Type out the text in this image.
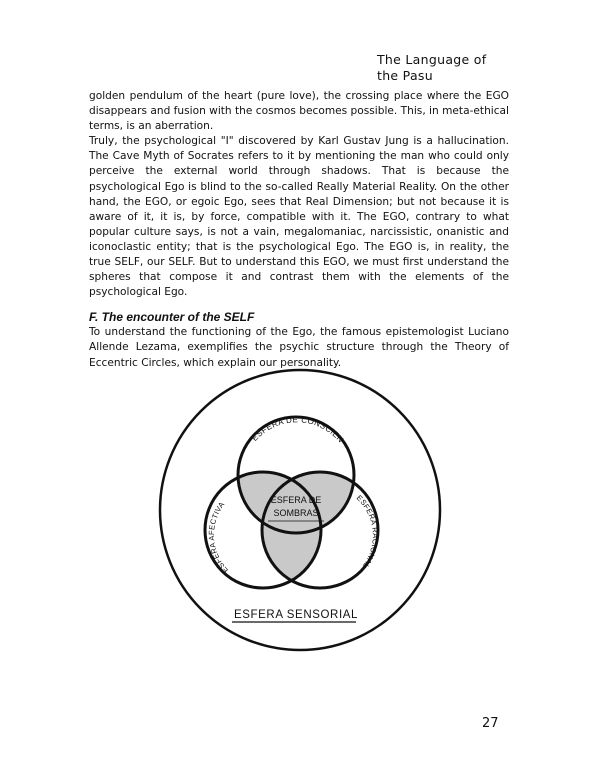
The Language of
the Pasu

golden pendulum of the heart (pure love), the crossing place where the EGO disappears and fusion with the cosmos becomes possible. This, in meta-ethical terms, is an aberration.

Truly, the psychological "I" discovered by Karl Gustav Jung is a hallucination. The Cave Myth of Socrates refers to it by mentioning the man who could only perceive the external world through shadows. That is because the psychological Ego is blind to the so-called Really Material Reality. On the other hand, the EGO, or egoic Ego, sees that Real Dimension; but not because it is aware of it, it is, by force, compatible with it. The EGO, contrary to what popular culture says, is not a vain, megalomaniac, narcissistic, onanistic and iconoclastic entity; that is the psychological Ego. The EGO is, in reality, the true SELF, our SELF. But to understand this EGO, we must first understand the spheres that compose it and contrast them with the elements of the psychological Ego.

F. The encounter of the SELF

To understand the functioning of the Ego, the famous epistemologist Luciano Allende Lezama, exemplifies the psychic structure through the Theory of Eccentric Circles, which explain our personality.

ESFERA DE CONSCIEN
ESFERA AFECTIVA
ESFERA RACIONAL
ESFERA DE
SOMBRAS
ESFERA SENSORIAL
27
